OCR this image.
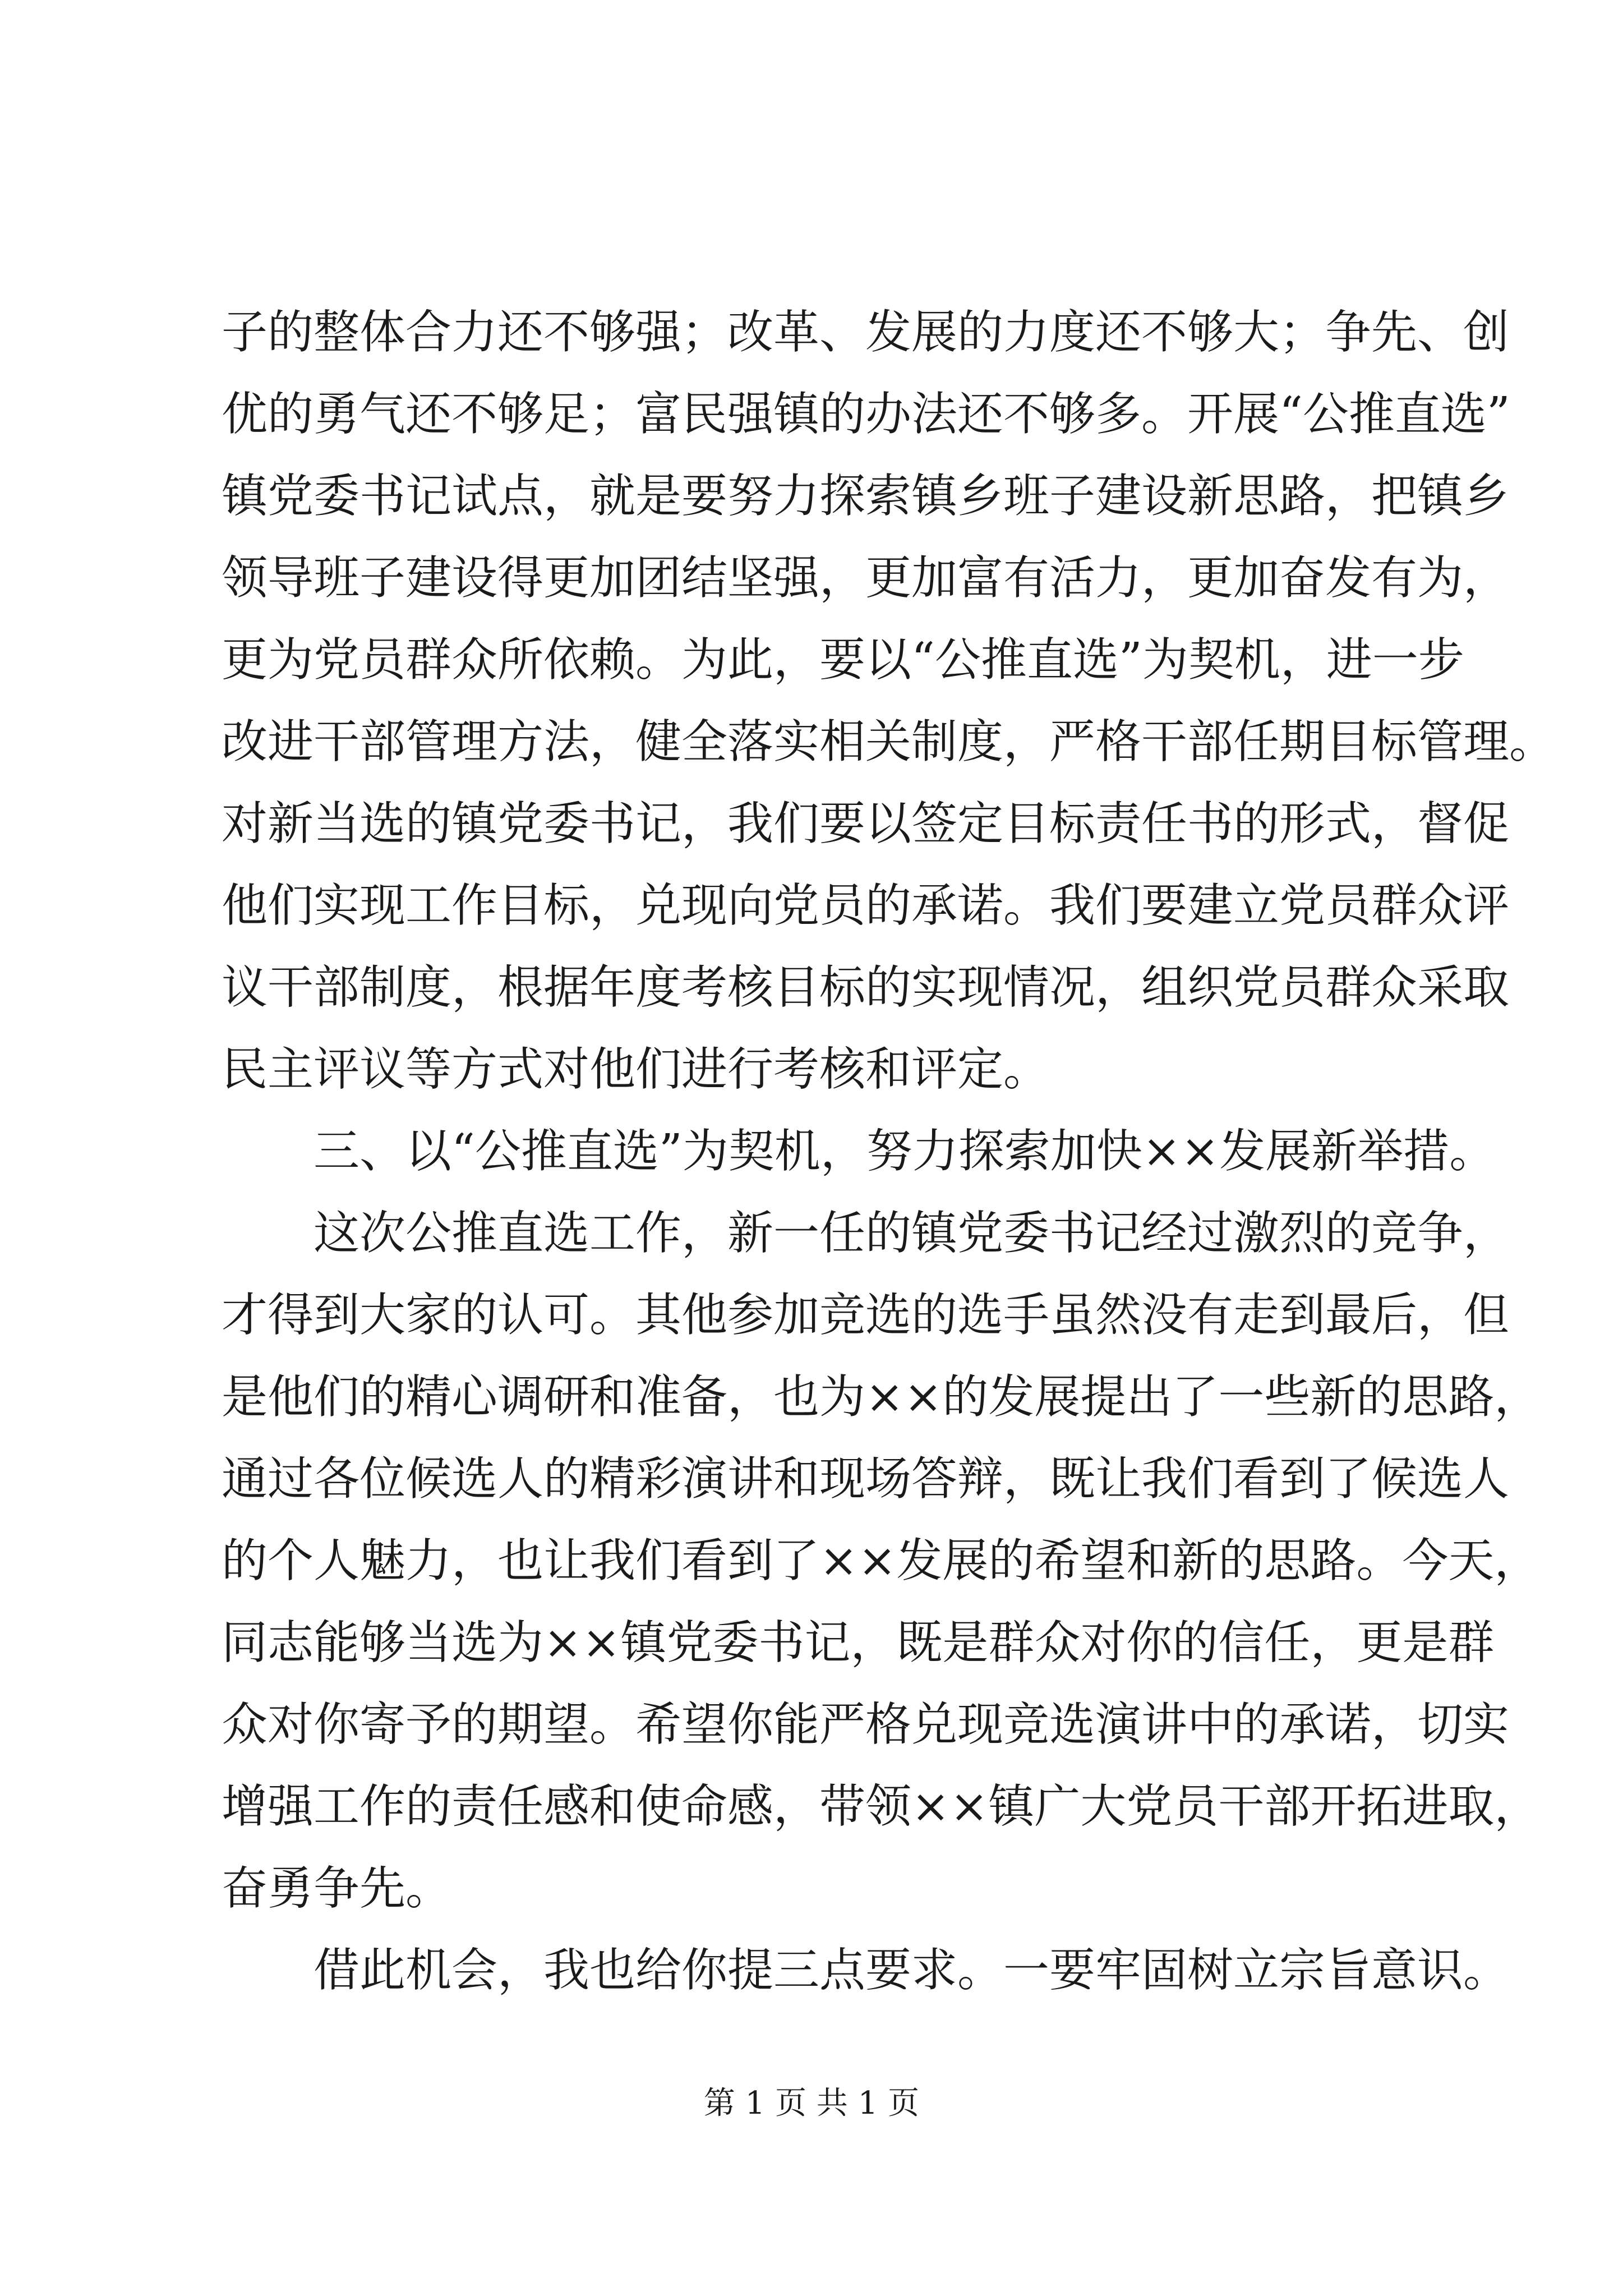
子的整体合力还不够强；改革、发展的力度还不够大；争先、创
优的勇气还不够足；富民强镇的办法还不够多。开展“公推直选”
镇党委书记试点，就是要努力探索镇乡班子建设新思路，把镇乡
领导班子建设得更加团结坚强，更加富有活力，更加奋发有为，
更为党员群众所依赖。为此，要以“公推直选”为契机，进一步
改进干部管理方法，健全落实相关制度，严格干部任期目标管理。
对新当选的镇党委书记，我们要以签定目标责任书的形式，督促
他们实现工作目标，兑现向党员的承诺。我们要建立党员群众评
议干部制度，根据年度考核目标的实现情况，组织党员群众采取
民主评议等方式对他们进行考核和评定。
三、以“公推直选”为契机，努力探索加快××发展新举措。
这次公推直选工作，新一任的镇党委书记经过激烈的竞争，
才得到大家的认可。其他参加竞选的选手虽然没有走到最后，但
是他们的精心调研和准备，也为××的发展提出了一些新的思路，
通过各位候选人的精彩演讲和现场答辩，既让我们看到了候选人
的个人魅力，也让我们看到了××发展的希望和新的思路。今天，
同志能够当选为××镇党委书记，既是群众对你的信任，更是群
众对你寄予的期望。希望你能严格兑现竞选演讲中的承诺，切实
增强工作的责任感和使命感，带领××镇广大党员干部开拓进取，
奋勇争先。
借此机会，我也给你提三点要求。一要牢固树立宗旨意识。
第 1 页 共 1 页
